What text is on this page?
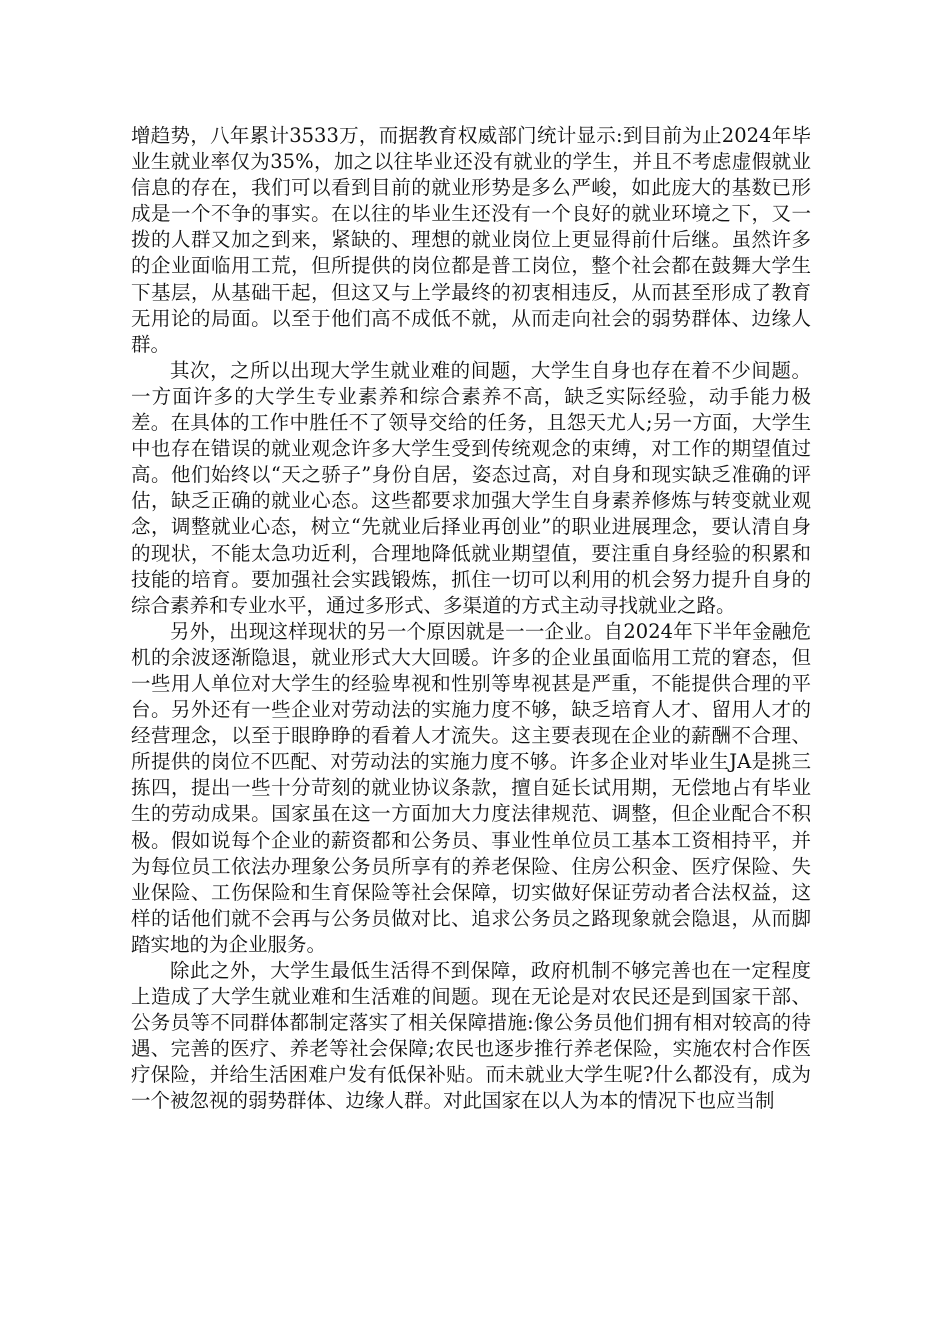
增趋势，八年累计3533万，而据教育权威部门统计显示:到目前为止2024年毕业生就业率仅为35%，加之以往毕业还没有就业的学生，并且不考虑虚假就业信息的存在，我们可以看到目前的就业形势是多么严峻，如此庞大的基数已形成是一个不争的事实。在以往的毕业生还没有一个良好的就业环境之下，又一拨的人群又加之到来，紧缺的、理想的就业岗位上更显得前什后继。虽然许多的企业面临用工荒，但所提供的岗位都是普工岗位，整个社会都在鼓舞大学生下基层，从基础干起，但这又与上学最终的初衷相违反，从而甚至形成了教育无用论的局面。以至于他们高不成低不就，从而走向社会的弱势群体、边缘人群。

其次，之所以出现大学生就业难的间题，大学生自身也存在着不少间题。一方面许多的大学生专业素养和综合素养不高，缺乏实际经验，动手能力极差。在具体的工作中胜任不了领导交给的任务，且怨天尤人;另一方面，大学生中也存在错误的就业观念许多大学生受到传统观念的束缚，对工作的期望值过高。他们始终以“天之骄子”身份自居，姿态过高，对自身和现实缺乏准确的评估，缺乏正确的就业心态。这些都要求加强大学生自身素养修炼与转变就业观念，调整就业心态，树立“先就业后择业再创业”的职业进展理念，要认清自身的现状，不能太急功近利，合理地降低就业期望值，要注重自身经验的积累和技能的培育。要加强社会实践锻炼，抓住一切可以利用的机会努力提升自身的综合素养和专业水平，通过多形式、多渠道的方式主动寻找就业之路。

另外，出现这样现状的另一个原因就是一一企业。自2024年下半年金融危机的余波逐渐隐退，就业形式大大回暖。许多的企业虽面临用工荒的窘态，但一些用人单位对大学生的经验卑视和性别等卑视甚是严重，不能提供合理的平台。另外还有一些企业对劳动法的实施力度不够，缺乏培育人才、留用人才的经营理念，以至于眼睁睁的看着人才流失。这主要表现在企业的薪酬不合理、所提供的岗位不匹配、对劳动法的实施力度不够。许多企业对毕业生JA是挑三拣四，提出一些十分苛刻的就业协议条款，擅自延长试用期，无偿地占有毕业生的劳动成果。国家虽在这一方面加大力度法律规范、调整，但企业配合不积极。假如说每个企业的薪资都和公务员、事业性单位员工基本工资相持平，并为每位员工依法办理象公务员所享有的养老保险、住房公积金、医疗保险、失业保险、工伤保险和生育保险等社会保障，切实做好保证劳动者合法权益，这样的话他们就不会再与公务员做对比、追求公务员之路现象就会隐退，从而脚踏实地的为企业服务。

除此之外，大学生最低生活得不到保障，政府机制不够完善也在一定程度上造成了大学生就业难和生活难的间题。现在无论是对农民还是到国家干部、公务员等不同群体都制定落实了相关保障措施:像公务员他们拥有相对较高的待遇、完善的医疗、养老等社会保障;农民也逐步推行养老保险，实施农村合作医疗保险，并给生活困难户发有低保补贴。而未就业大学生呢?什么都没有，成为一个被忽视的弱势群体、边缘人群。对此国家在以人为本的情况下也应当制
